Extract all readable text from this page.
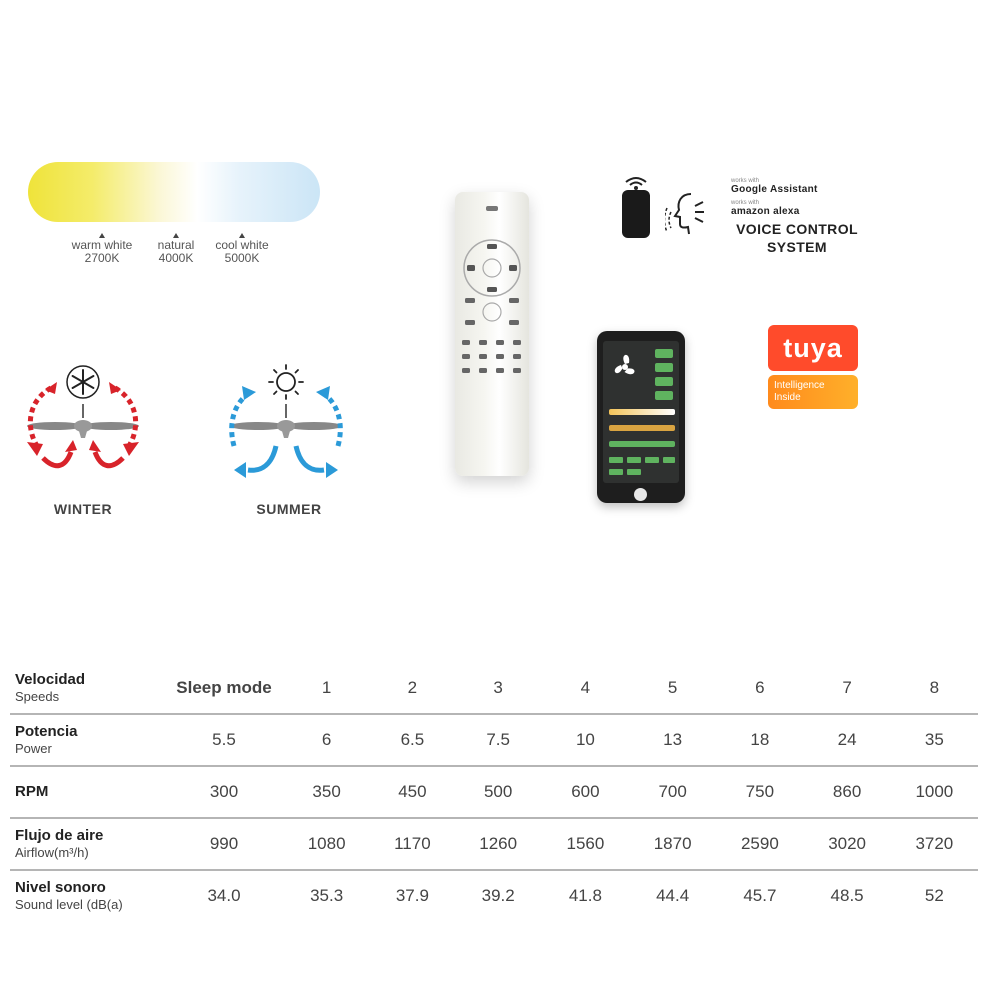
warm white
2700K
natural
4000K
cool white
5000K
WINTER	SUMMER
works with
Google Assistant
works with
amazon alexa
VOICE CONTROL
SYSTEM
tuya
Intelligence
Inside
Velocidad
Speeds	Sleep mode	1	2	3	4	5	6	7	8

Potencia
Power	5.5	6	6.5	7.5	10	13	18	24	35

RPM	300	350	450	500	600	700	750	860	1000

Flujo de aire
Airflow(m³/h)	990	1080	1170	1260	1560	1870	2590	3020	3720

Nivel sonoro
Sound level (dB(a)	34.0	35.3	37.9	39.2	41.8	44.4	45.7	48.5	52
